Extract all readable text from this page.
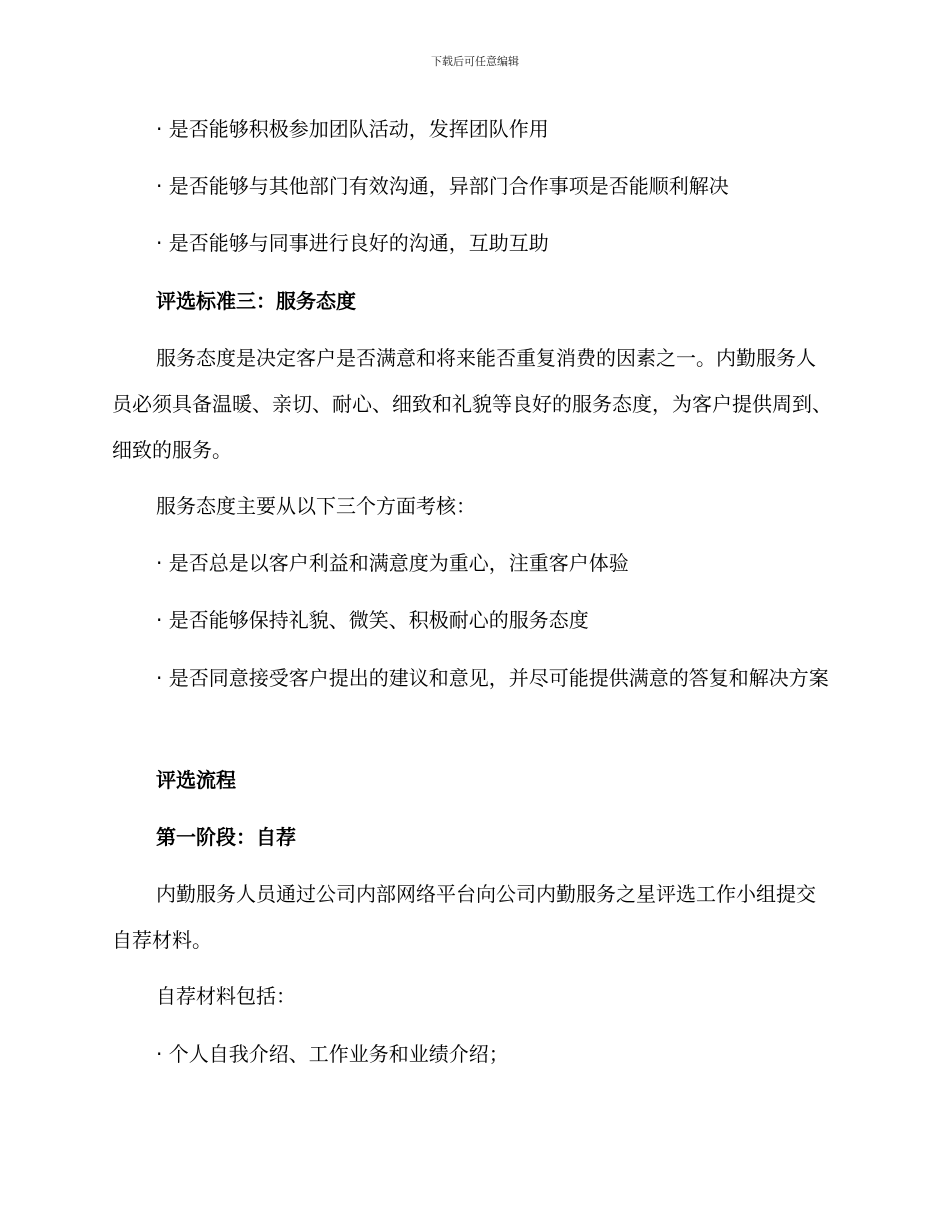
下载后可任意编辑

· 是否能够积极参加团队活动，发挥团队作用

· 是否能够与其他部门有效沟通，异部门合作事项是否能顺利解决

· 是否能够与同事进行良好的沟通，互助互助

评选标准三：服务态度

服务态度是决定客户是否满意和将来能否重复消费的因素之一。内勤服务人员必须具备温暖、亲切、耐心、细致和礼貌等良好的服务态度，为客户提供周到、细致的服务。

服务态度主要从以下三个方面考核：

· 是否总是以客户利益和满意度为重心，注重客户体验

· 是否能够保持礼貌、微笑、积极耐心的服务态度

· 是否同意接受客户提出的建议和意见，并尽可能提供满意的答复和解决方案

评选流程

第一阶段：自荐

内勤服务人员通过公司内部网络平台向公司内勤服务之星评选工作小组提交自荐材料。

自荐材料包括：

· 个人自我介绍、工作业务和业绩介绍；
